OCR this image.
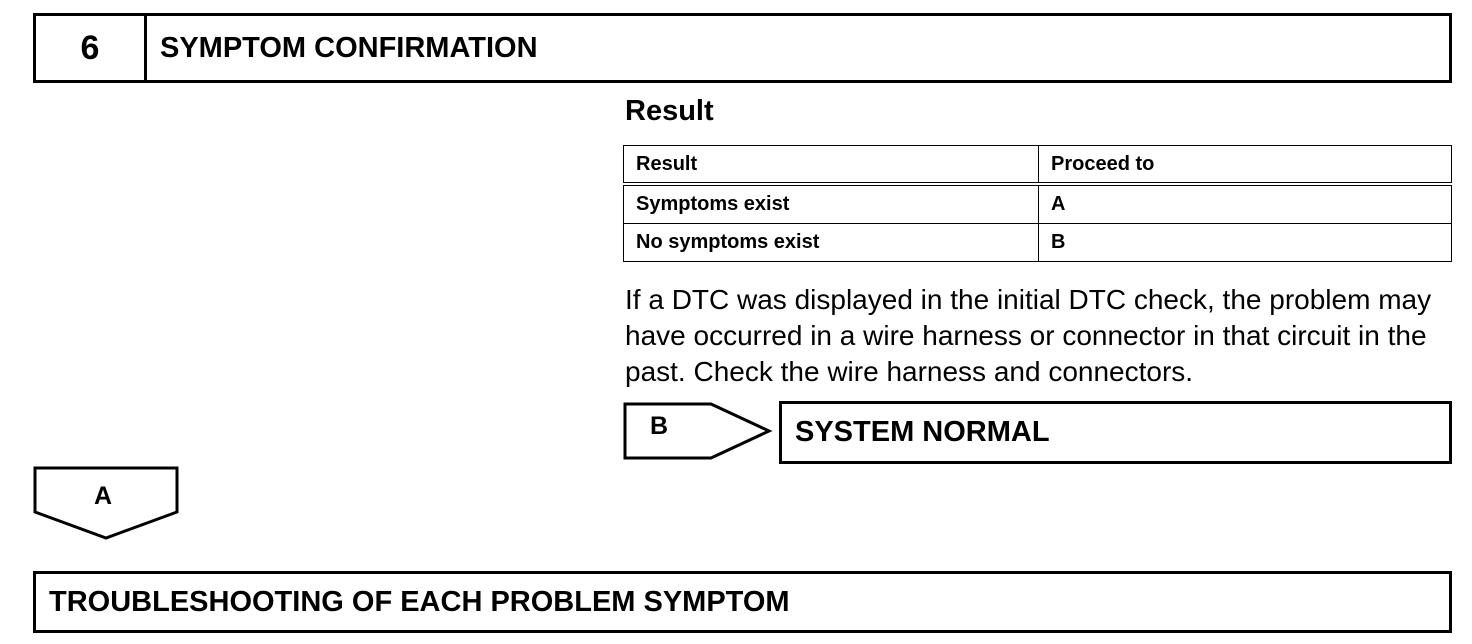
6	SYMPTOM CONFIRMATION
Result
Result	Proceed to
Symptoms exist	A
No symptoms exist	B
If a DTC was displayed in the initial DTC check, the problem may have occurred in a wire harness or connector in that circuit in the past. Check the wire harness and connectors.
B	SYSTEM NORMAL
A
TROUBLESHOOTING OF EACH PROBLEM SYMPTOM
